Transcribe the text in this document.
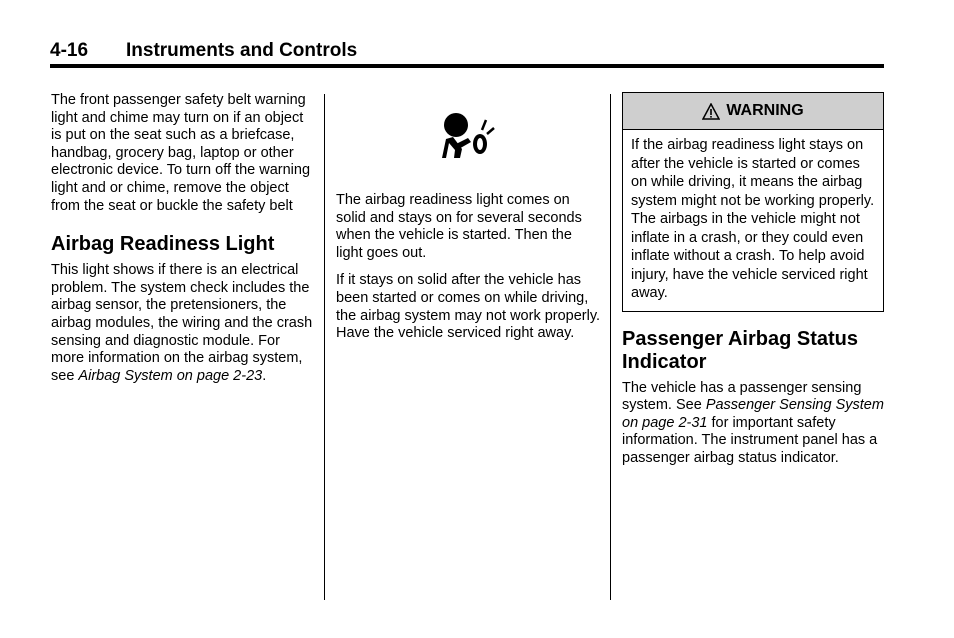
4-16 Instruments and Controls

The front passenger safety belt warning light and chime may turn on if an object is put on the seat such as a briefcase, handbag, grocery bag, laptop or other electronic device. To turn off the warning light and or chime, remove the object from the seat or buckle the safety belt

Airbag Readiness Light

This light shows if there is an electrical problem. The system check includes the airbag sensor, the pretensioners, the airbag modules, the wiring and the crash sensing and diagnostic module. For more information on the airbag system, see Airbag System on page 2-23.

The airbag readiness light comes on solid and stays on for several seconds when the vehicle is started. Then the light goes out.

If it stays on solid after the vehicle has been started or comes on while driving, the airbag system may not work properly. Have the vehicle serviced right away.

WARNING
If the airbag readiness light stays on after the vehicle is started or comes on while driving, it means the airbag system might not be working properly. The airbags in the vehicle might not inflate in a crash, or they could even inflate without a crash. To help avoid injury, have the vehicle serviced right away.
Passenger Airbag Status Indicator

The vehicle has a passenger sensing system. See Passenger Sensing System on page 2-31 for important safety information. The instrument panel has a passenger airbag status indicator.
